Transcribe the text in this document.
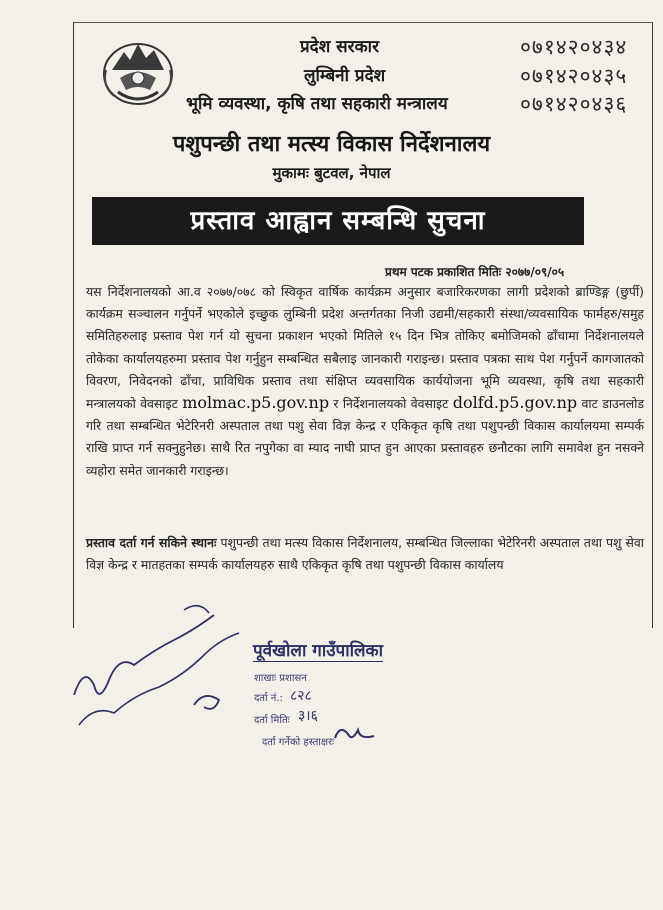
प्रदेश सरकार
लुम्बिनी प्रदेश
भूमि व्यवस्था, कृषि तथा सहकारी मन्त्रालय
०७१४२०४३४
०७१४२०४३५
०७१४२०४३६
पशुपन्छी तथा मत्स्य विकास निर्देशनालय
मुकामः बुटवल, नेपाल
प्रस्ताव आह्वान सम्बन्धि सुचना
प्रथम पटक प्रकाशित मितिः २०७७/०९/०५
यस निर्देशनालयको आ.व २०७७/०७८ को स्विकृत वार्षिक कार्यक्रम अनुसार बजारिकरणका लागी प्रदेशको ब्राण्डिङ्ग (छुर्पी) कार्यक्रम सञ्चालन गर्नुपर्ने भएकोले इच्छुक लुम्बिनी प्रदेश अन्तर्गतका निजी उद्यमी/सहकारी संस्था/व्यवसायिक फार्महरु/समुह समितिहरुलाइ प्रस्ताव पेश गर्न यो सुचना प्रकाशन भएको मितिले १५ दिन भित्र तोकिए बमोजिमको ढाँचामा निर्देशनालयले तोकेका कार्यालयहरुमा प्रस्ताव पेश गर्नुहुन सम्बन्धित सबैलाइ जानकारी गराइन्छ। प्रस्ताव पत्रका साथ पेश गर्नुपर्ने कागजातको विवरण, निवेदनको ढाँचा, प्राविधिक प्रस्ताव तथा संक्षिप्त व्यवसायिक कार्ययोजना भूमि व्यवस्था, कृषि तथा सहकारी मन्त्रालयको वेवसाइट molmac.p5.gov.np र निर्देशनालयको वेवसाइट dolfd.p5.gov.np वाट डाउनलोड गरि तथा सम्बन्धित भेटेरिनरी अस्पताल तथा पशु सेवा विज्ञ केन्द्र र एकिकृत कृषि तथा पशुपन्छी विकास कार्यालयमा सम्पर्क राखि प्राप्त गर्न सक्नुहुनेछ। साथै रित नपुगेका वा म्याद नाघी प्राप्त हुन आएका प्रस्तावहरु छनौटका लागि समावेश हुन नसक्ने व्यहोरा समेत जानकारी गराइन्छ।
प्रस्ताव दर्ता गर्न सकिने स्थानः पशुपन्छी तथा मत्स्य विकास निर्देशनालय, सम्बन्धित जिल्लाका भेटेरिनरी अस्पताल तथा पशु सेवा विज्ञ केन्द्र र मातहतका सम्पर्क कार्यालयहरु साथै एकिकृत कृषि तथा पशुपन्छी विकास कार्यालय
पूर्वखोला गाउँपालिका
शाखाः प्रशासन
दर्ता नं.: ८२८
दर्ता मितिः ३।६
दर्ता गर्नेको हस्ताक्षरः
